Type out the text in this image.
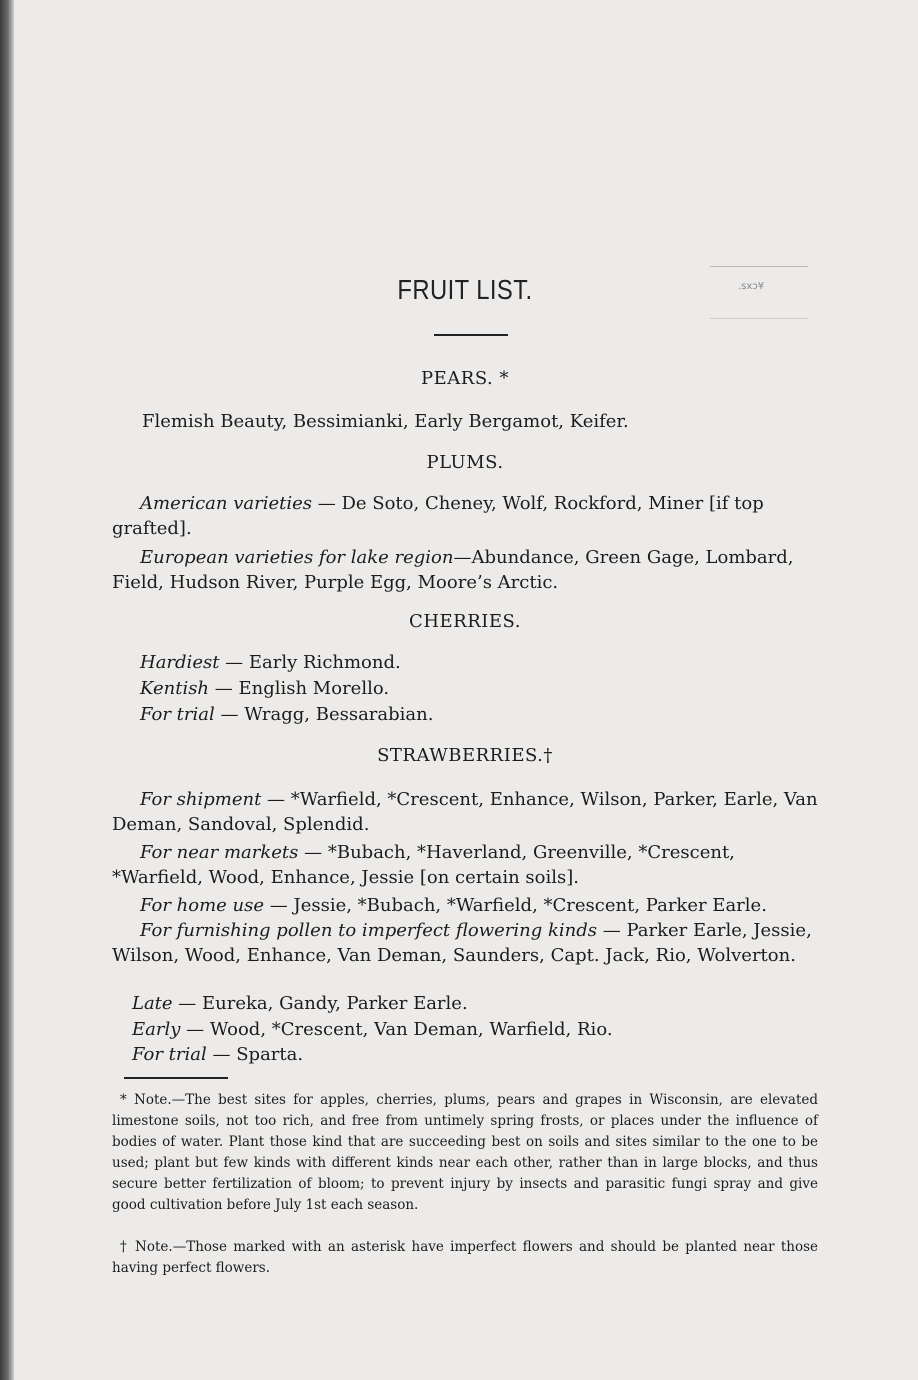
.sxɔ¥
FRUIT LIST.
PEARS. *
Flemish Beauty, Bessimianki, Early Bergamot, Keifer.
PLUMS.
American varieties — De Soto, Cheney, Wolf, Rockford, Miner [if top grafted].
European varieties for lake region—Abundance, Green Gage, Lombard, Field, Hudson River, Purple Egg, Moore’s Arctic.
CHERRIES.
Hardiest — Early Richmond.
Kentish — English Morello.
For trial — Wragg, Bessarabian.
STRAWBERRIES.†
For shipment — *Warfield, *Crescent, Enhance, Wilson, Parker, Earle, Van Deman, Sandoval, Splendid.
For near markets — *Bubach, *Haverland, Greenville, *Crescent, *Warfield, Wood, Enhance, Jessie [on certain soils].
For home use — Jessie, *Bubach, *Warfield, *Crescent, Parker Earle.
For furnishing pollen to imperfect flowering kinds — Parker Earle, Jessie, Wilson, Wood, Enhance, Van Deman, Saunders, Capt. Jack, Rio, Wolverton.
Late — Eureka, Gandy, Parker Earle.
Early — Wood, *Crescent, Van Deman, Warfield, Rio.
For trial — Sparta.
* Note.—The best sites for apples, cherries, plums, pears and grapes in Wisconsin, are elevated limestone soils, not too rich, and free from untimely spring frosts, or places under the influence of bodies of water. Plant those kind that are succeeding best on soils and sites similar to the one to be used; plant but few kinds with different kinds near each other, rather than in large blocks, and thus secure better fertilization of bloom; to prevent injury by insects and parasitic fungi spray and give good cultivation before July 1st each season.
† Note.—Those marked with an asterisk have imperfect flowers and should be planted near those having perfect flowers.
